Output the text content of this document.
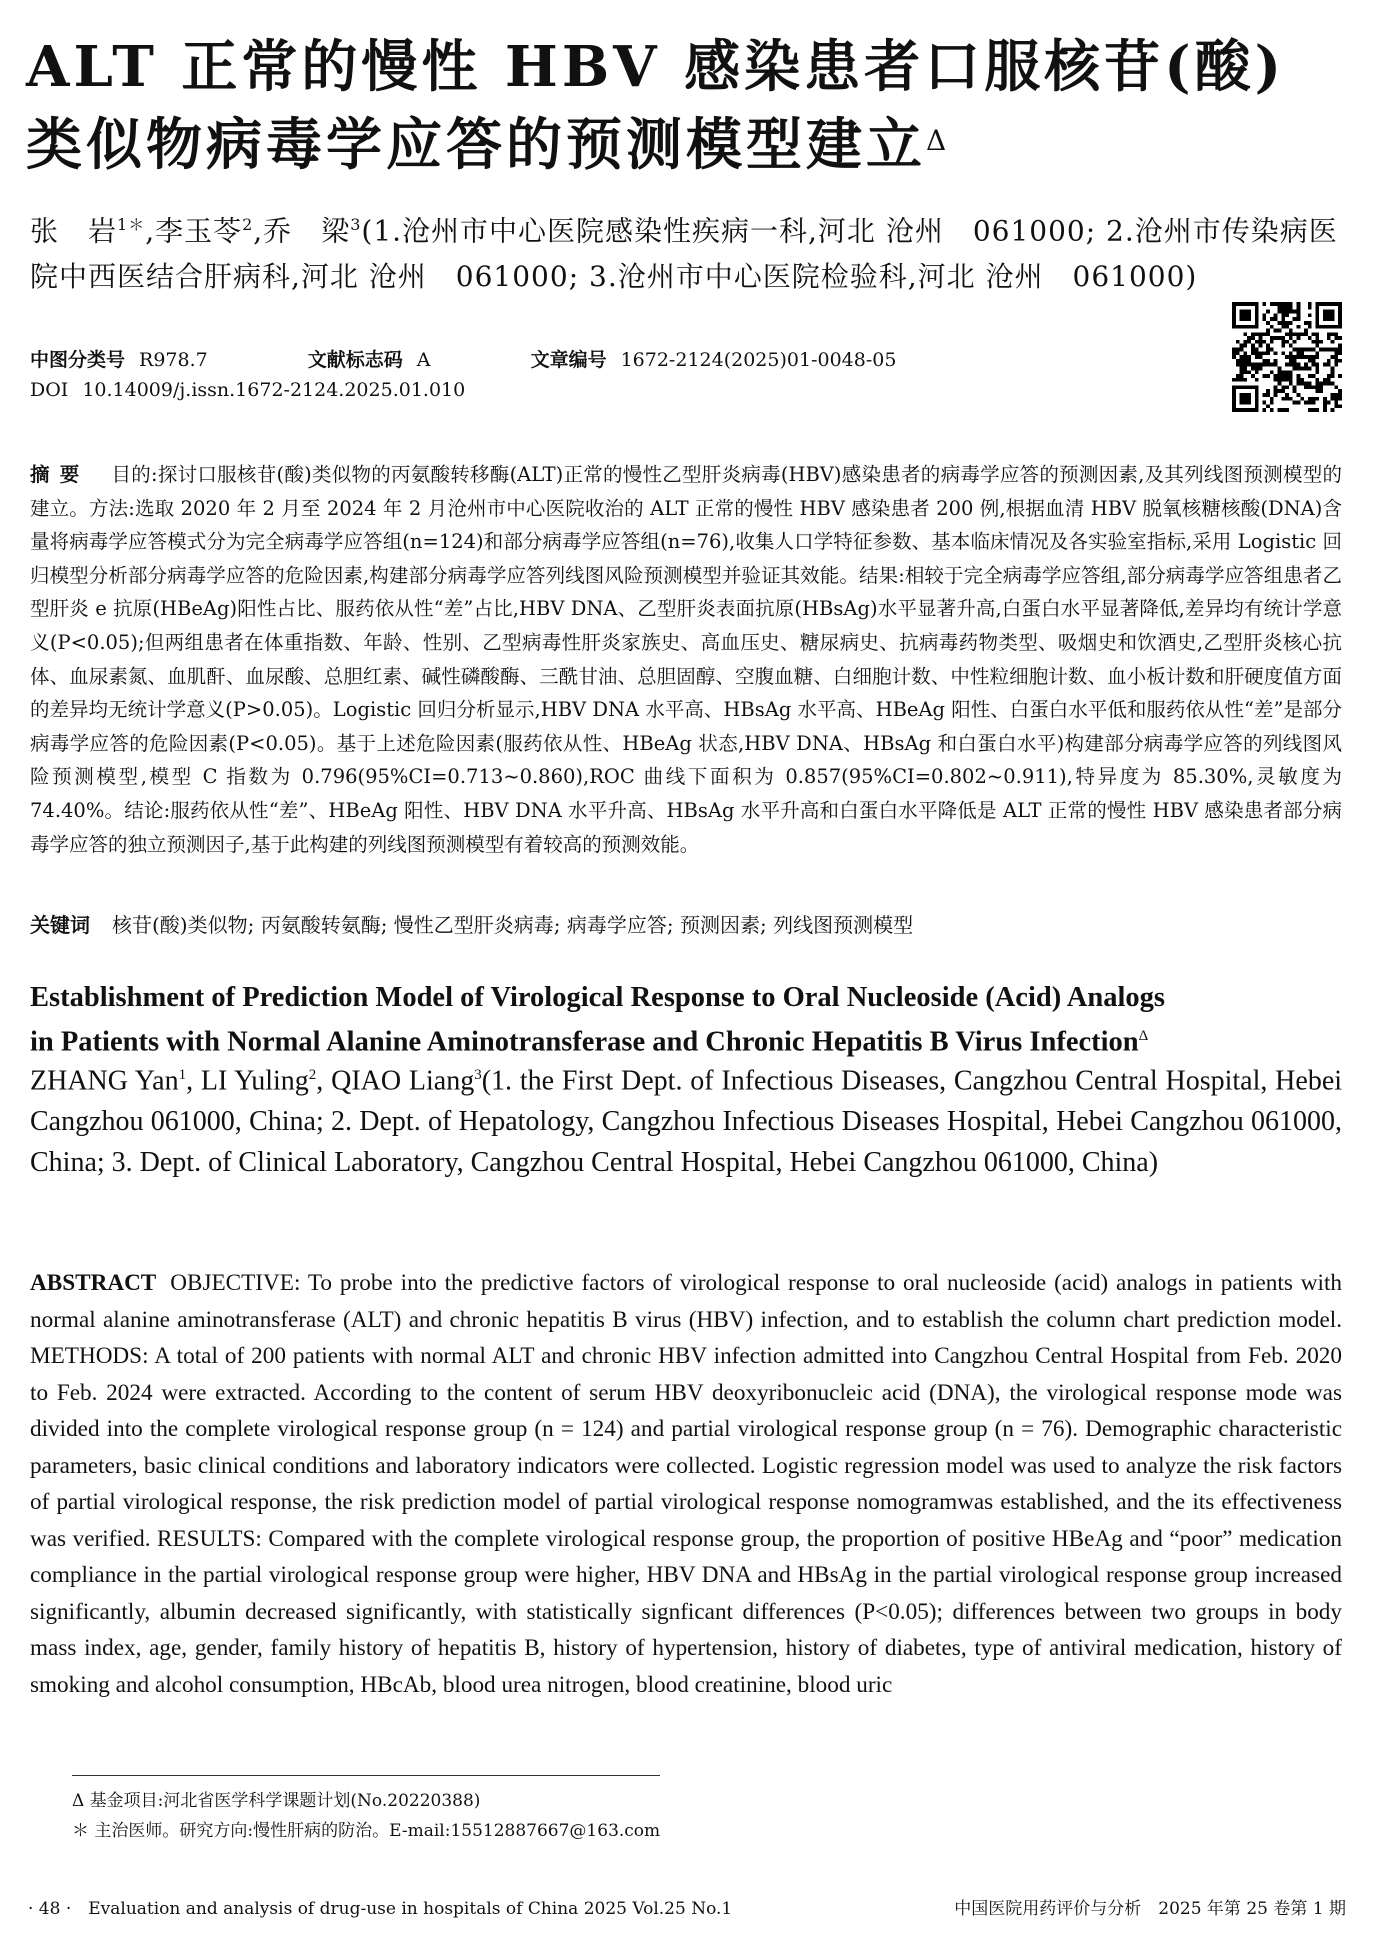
ALT 正常的慢性 HBV 感染患者口服核苷(酸)
类似物病毒学应答的预测模型建立$^\Delta$
张　岩$^{1*}$,李玉苓$^2$,乔　梁$^3$(1.沧州市中心医院感染性疾病一科,河北 沧州　061000; 2.沧州市传染病医院中西医结合肝病科,河北 沧州　061000; 3.沧州市中心医院检验科,河北 沧州　061000)
中图分类号 R978.7	文献标志码 A	文章编号 1672-2124(2025)01-0048-05
DOI 10.14009/j.issn.1672-2124.2025.01.010
摘要 目的:探讨口服核苷(酸)类似物的丙氨酸转移酶(ALT)正常的慢性乙型肝炎病毒(HBV)感染患者的病毒学应答的预测因素,及其列线图预测模型的建立。方法:选取 2020 年 2 月至 2024 年 2 月沧州市中心医院收治的 ALT 正常的慢性 HBV 感染患者 200 例,根据血清 HBV 脱氧核糖核酸(DNA)含量将病毒学应答模式分为完全病毒学应答组(n=124)和部分病毒学应答组(n=76),收集人口学特征参数、基本临床情况及各实验室指标,采用 Logistic 回归模型分析部分病毒学应答的危险因素,构建部分病毒学应答列线图风险预测模型并验证其效能。结果:相较于完全病毒学应答组,部分病毒学应答组患者乙型肝炎 e 抗原(HBeAg)阳性占比、服药依从性“差”占比,HBV DNA、乙型肝炎表面抗原(HBsAg)水平显著升高,白蛋白水平显著降低,差异均有统计学意义(P<0.05);但两组患者在体重指数、年龄、性别、乙型病毒性肝炎家族史、高血压史、糖尿病史、抗病毒药物类型、吸烟史和饮酒史,乙型肝炎核心抗体、血尿素氮、血肌酐、血尿酸、总胆红素、碱性磷酸酶、三酰甘油、总胆固醇、空腹血糖、白细胞计数、中性粒细胞计数、血小板计数和肝硬度值方面的差异均无统计学意义(P>0.05)。Logistic 回归分析显示,HBV DNA 水平高、HBsAg 水平高、HBeAg 阳性、白蛋白水平低和服药依从性“差”是部分病毒学应答的危险因素(P<0.05)。基于上述危险因素(服药依从性、HBeAg 状态,HBV DNA、HBsAg 和白蛋白水平)构建部分病毒学应答的列线图风险预测模型,模型 C 指数为 0.796(95%CI=0.713~0.860),ROC 曲线下面积为 0.857(95%CI=0.802~0.911),特异度为 85.30%,灵敏度为 74.40%。结论:服药依从性“差”、HBeAg 阳性、HBV DNA 水平升高、HBsAg 水平升高和白蛋白水平降低是 ALT 正常的慢性 HBV 感染患者部分病毒学应答的独立预测因子,基于此构建的列线图预测模型有着较高的预测效能。
关键词 核苷(酸)类似物; 丙氨酸转氨酶; 慢性乙型肝炎病毒; 病毒学应答; 预测因素; 列线图预测模型
Establishment of Prediction Model of Virological Response to Oral Nucleoside (Acid) Analogs
in Patients with Normal Alanine Aminotransferase and Chronic Hepatitis B Virus Infection$^\Delta$
ZHANG Yan$^1$, LI Yuling$^2$, QIAO Liang$^3$(1. the First Dept. of Infectious Diseases, Cangzhou Central Hospital, Hebei Cangzhou 061000, China; 2. Dept. of Hepatology, Cangzhou Infectious Diseases Hospital, Hebei Cangzhou 061000, China; 3. Dept. of Clinical Laboratory, Cangzhou Central Hospital, Hebei Cangzhou 061000, China)
ABSTRACT OBJECTIVE: To probe into the predictive factors of virological response to oral nucleoside (acid) analogs in patients with normal alanine aminotransferase (ALT) and chronic hepatitis B virus (HBV) infection, and to establish the column chart prediction model. METHODS: A total of 200 patients with normal ALT and chronic HBV infection admitted into Cangzhou Central Hospital from Feb. 2020 to Feb. 2024 were extracted. According to the content of serum HBV deoxyribonucleic acid (DNA), the virological response mode was divided into the complete virological response group (n = 124) and partial virological response group (n = 76). Demographic characteristic parameters, basic clinical conditions and laboratory indicators were collected. Logistic regression model was used to analyze the risk factors of partial virological response, the risk prediction model of partial virological response nomogramwas established, and the its effectiveness was verified. RESULTS: Compared with the complete virological response group, the proportion of positive HBeAg and “poor” medication compliance in the partial virological response group were higher, HBV DNA and HBsAg in the partial virological response group increased significantly, albumin decreased significantly, with statistically signficant differences (P<0.05); differences between two groups in body mass index, age, gender, family history of hepatitis B, history of hypertension, history of diabetes, type of antiviral medication, history of smoking and alcohol consumption, HBcAb, blood urea nitrogen, blood creatinine, blood uric
Δ 基金项目:河北省医学科学课题计划(No.20220388)
＊ 主治医师。研究方向:慢性肝病的防治。E-mail:15512887667@163.com
· 48 ·　Evaluation and analysis of drug-use in hospitals of China 2025 Vol.25 No.1	中国医院用药评价与分析　2025 年第 25 卷第 1 期
